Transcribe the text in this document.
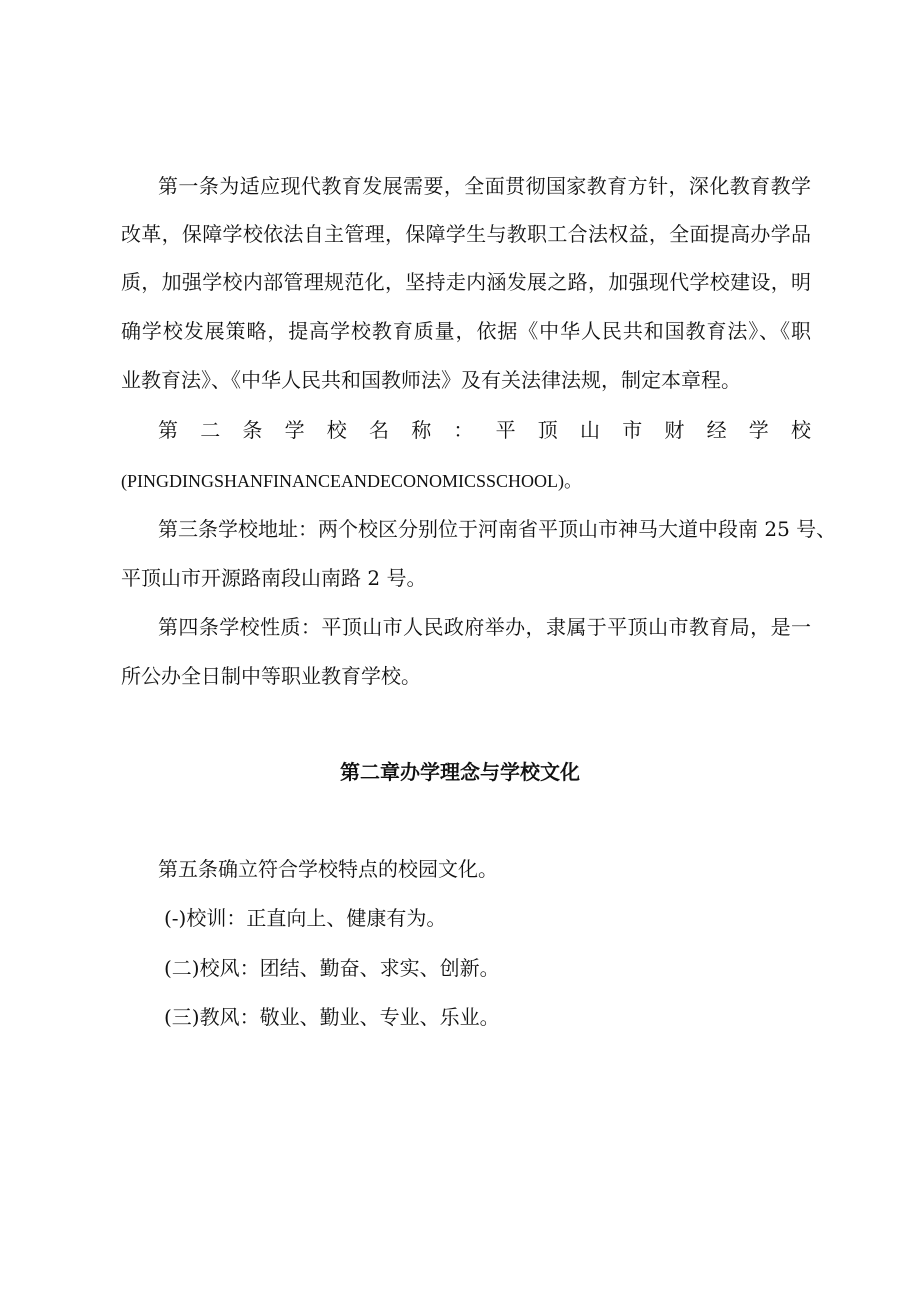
第一条为适应现代教育发展需要，全面贯彻国家教育方针，深化教育教学
改革，保障学校依法自主管理，保障学生与教职工合法权益，全面提高办学品
质，加强学校内部管理规范化，坚持走内涵发展之路，加强现代学校建设，明
确学校发展策略，提高学校教育质量，依据《中华人民共和国教育法》、《职
业教育法》、《中华人民共和国教师法》及有关法律法规，制定本章程。
第 二 条 学 校 名 称 ： 平 顶 山 市 财 经 学 校
(PINGDINGSHANFINANCEANDECONOMICSSCHOOL)。
第三条学校地址：两个校区分别位于河南省平顶山市神马大道中段南 25 号、
平顶山市开源路南段山南路 2 号。
第四条学校性质：平顶山市人民政府举办，隶属于平顶山市教育局，是一
所公办全日制中等职业教育学校。
第二章办学理念与学校文化
第五条确立符合学校特点的校园文化。
(-)校训：正直向上、健康有为。
(二)校风：团结、勤奋、求实、创新。
(三)教风：敬业、勤业、专业、乐业。
